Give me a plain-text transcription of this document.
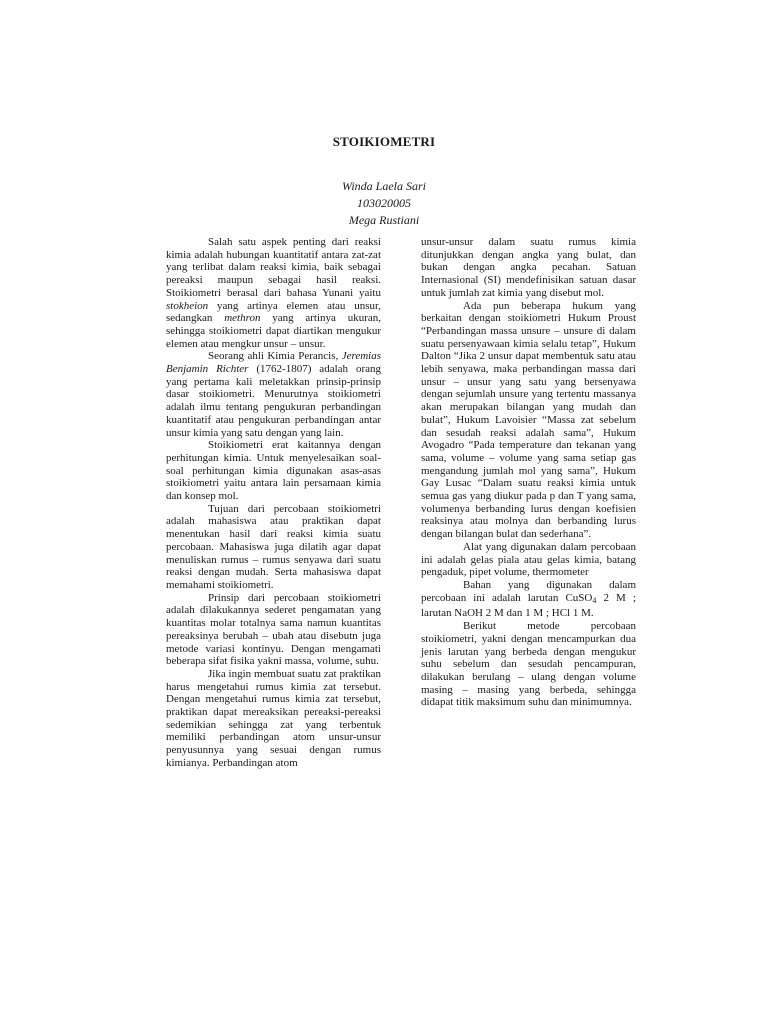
STOIKIOMETRI
Winda Laela Sari
103020005
Mega Rustiani

Salah satu aspek penting dari reaksi kimia adalah hubungan kuantitatif antara zat-zat yang terlibat dalam reaksi kimia, baik sebagai pereaksi maupun sebagai hasil reaksi. Stoikiometri berasal dari bahasa Yunani yaitu stokheion yang artinya elemen atau unsur, sedangkan methron yang artinya ukuran, sehingga stoikiometri dapat diartikan mengukur elemen atau mengkur unsur – unsur.

Seorang ahli Kimia Perancis, Jeremias Benjamin Richter (1762-1807) adalah orang yang pertama kali meletakkan prinsip-prinsip dasar stoikiometri. Menurutnya stoikiometri adalah ilmu tentang pengukuran perbandingan kuantitatif atau pengukuran perbandingan antar unsur kimia yang satu dengan yang lain.

Stoikiometri erat kaitannya dengan perhitungan kimia. Untuk menyelesaikan soal-soal perhitungan kimia digunakan asas-asas stoikiometri yaitu antara lain persamaan kimia dan konsep mol.

Tujuan dari percobaan stoikiometri adalah mahasiswa atau praktikan dapat menentukan hasil dari reaksi kimia suatu percobaan. Mahasiswa juga dilatih agar dapat menuliskan rumus – rumus senyawa dari suatu reaksi dengan mudah. Serta mahasiswa dapat memahami stoikiometri.

Prinsip dari percobaan stoikiometri adalah dilakukannya sederet pengamatan yang kuantitas molar totalnya sama namun kuantitas pereaksinya berubah – ubah atau disebutn juga metode variasi kontinyu. Dengan mengamati beberapa sifat fisika yakni massa, volume, suhu.

Jika ingin membuat suatu zat praktikan harus mengetahui rumus kimia zat tersebut. Dengan mengetahui rumus kimia zat tersebut, praktikan dapat mereaksikan pereaksi-pereaksi sedemikian sehingga zat yang terbentuk memiliki perbandingan atom unsur-unsur penyusunnya yang sesuai dengan rumus kimianya. Perbandingan atom

unsur-unsur dalam suatu rumus kimia ditunjukkan dengan angka yang bulat, dan bukan dengan angka pecahan. Satuan Internasional (SI) mendefinisikan satuan dasar untuk jumlah zat kimia yang disebut mol.

Ada pun beberapa hukum yang berkaitan dengan stoikiometri Hukum Proust “Perbandingan massa unsure – unsure di dalam suatu persenyawaan kimia selalu tetap”, Hukum Dalton “Jika 2 unsur dapat membentuk satu atau lebih senyawa, maka perbandingan massa dari unsur – unsur yang satu yang bersenyawa dengan sejumlah unsure yang tertentu massanya akan merupakan bilangan yang mudah dan bulat”, Hukum Lavoisier “Massa zat sebelum dan sesudah reaksi adalah sama”, Hukum Avogadro “Pada temperature dan tekanan yang sama, volume – volume yang sama setiap gas mengandung jumlah mol yang sama”, Hukum Gay Lusac “Dalam suatu reaksi kimia untuk semua gas yang diukur pada p dan T yang sama, volumenya berbanding lurus dengan koefisien reaksinya atau molnya dan berbanding lurus dengan bilangan bulat dan sederhana”.

Alat yang digunakan dalam percobaan ini adalah gelas piala atau gelas kimia, batang pengaduk, pipet volume, thermometer

Bahan yang digunakan dalam percobaan ini adalah larutan CuSO$_4$ 2 M ; larutan NaOH 2 M dan 1 M ; HCl 1 M.

Berikut metode percobaan stoikiometri, yakni dengan mencampurkan dua jenis larutan yang berbeda dengan mengukur suhu sebelum dan sesudah pencampuran, dilakukan berulang – ulang dengan volume masing – masing yang berbeda, sehingga didapat titik maksimum suhu dan minimumnya.
